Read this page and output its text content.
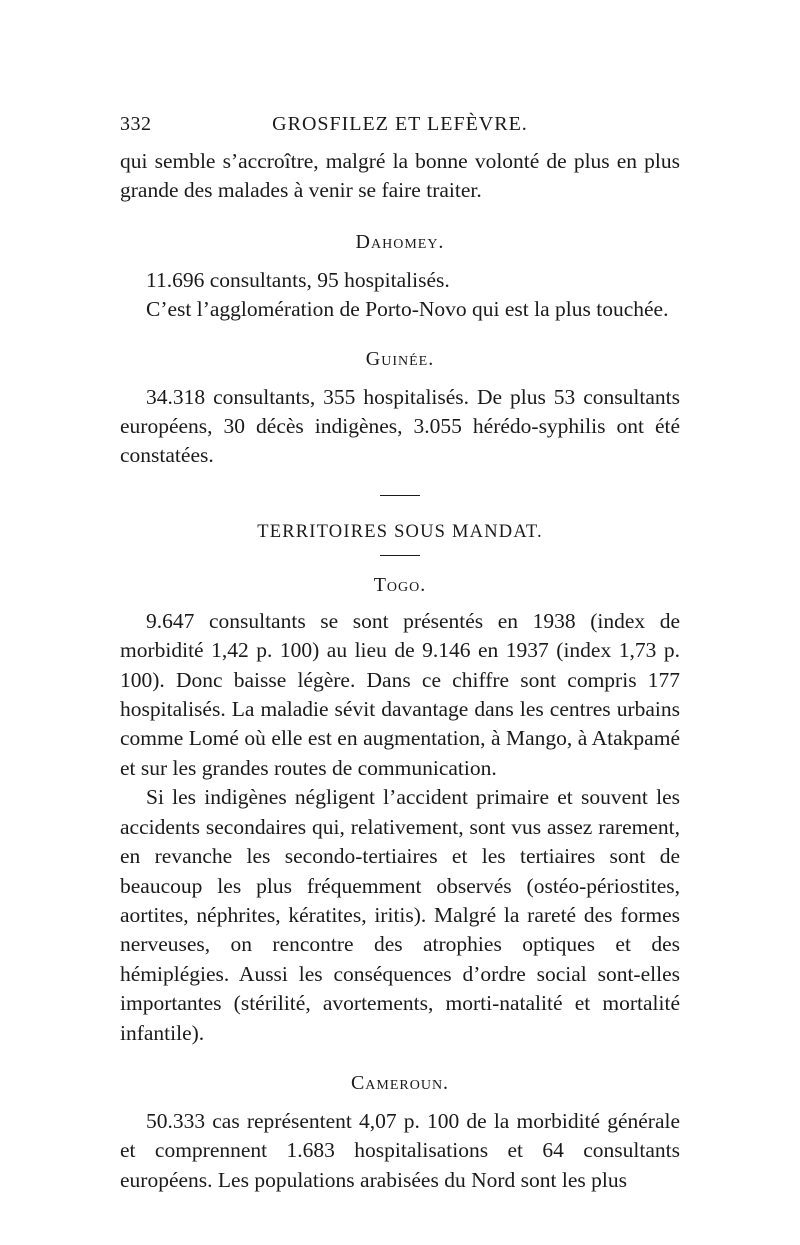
332	GROSFILEZ ET LEFÈVRE.

qui semble s’accroître, malgré la bonne volonté de plus en plus grande des malades à venir se faire traiter.

Dahomey.

11.696 consultants, 95 hospitalisés.

C’est l’agglomération de Porto-Novo qui est la plus touchée.

Guinée.

34.318 consultants, 355 hospitalisés. De plus 53 consultants européens, 30 décès indigènes, 3.055 hérédo-syphilis ont été constatées.

TERRITOIRES SOUS MANDAT.
Togo.

9.647 consultants se sont présentés en 1938 (index de morbidité 1,42 p. 100) au lieu de 9.146 en 1937 (index 1,73 p. 100). Donc baisse légère. Dans ce chiffre sont compris 177 hospitalisés. La maladie sévit davantage dans les centres urbains comme Lomé où elle est en augmentation, à Mango, à Atakpamé et sur les grandes routes de communication.

Si les indigènes négligent l’accident primaire et souvent les accidents secondaires qui, relativement, sont vus assez rarement, en revanche les secondo-tertiaires et les tertiaires sont de beaucoup les plus fréquemment observés (ostéo-périostites, aortites, néphrites, kératites, iritis). Malgré la rareté des formes nerveuses, on rencontre des atrophies optiques et des hémiplégies. Aussi les conséquences d’ordre social sont-elles importantes (stérilité, avortements, morti-natalité et mortalité infantile).

Cameroun.

50.333 cas représentent 4,07 p. 100 de la morbidité générale et comprennent 1.683 hospitalisations et 64 consultants européens. Les populations arabisées du Nord sont les plus
